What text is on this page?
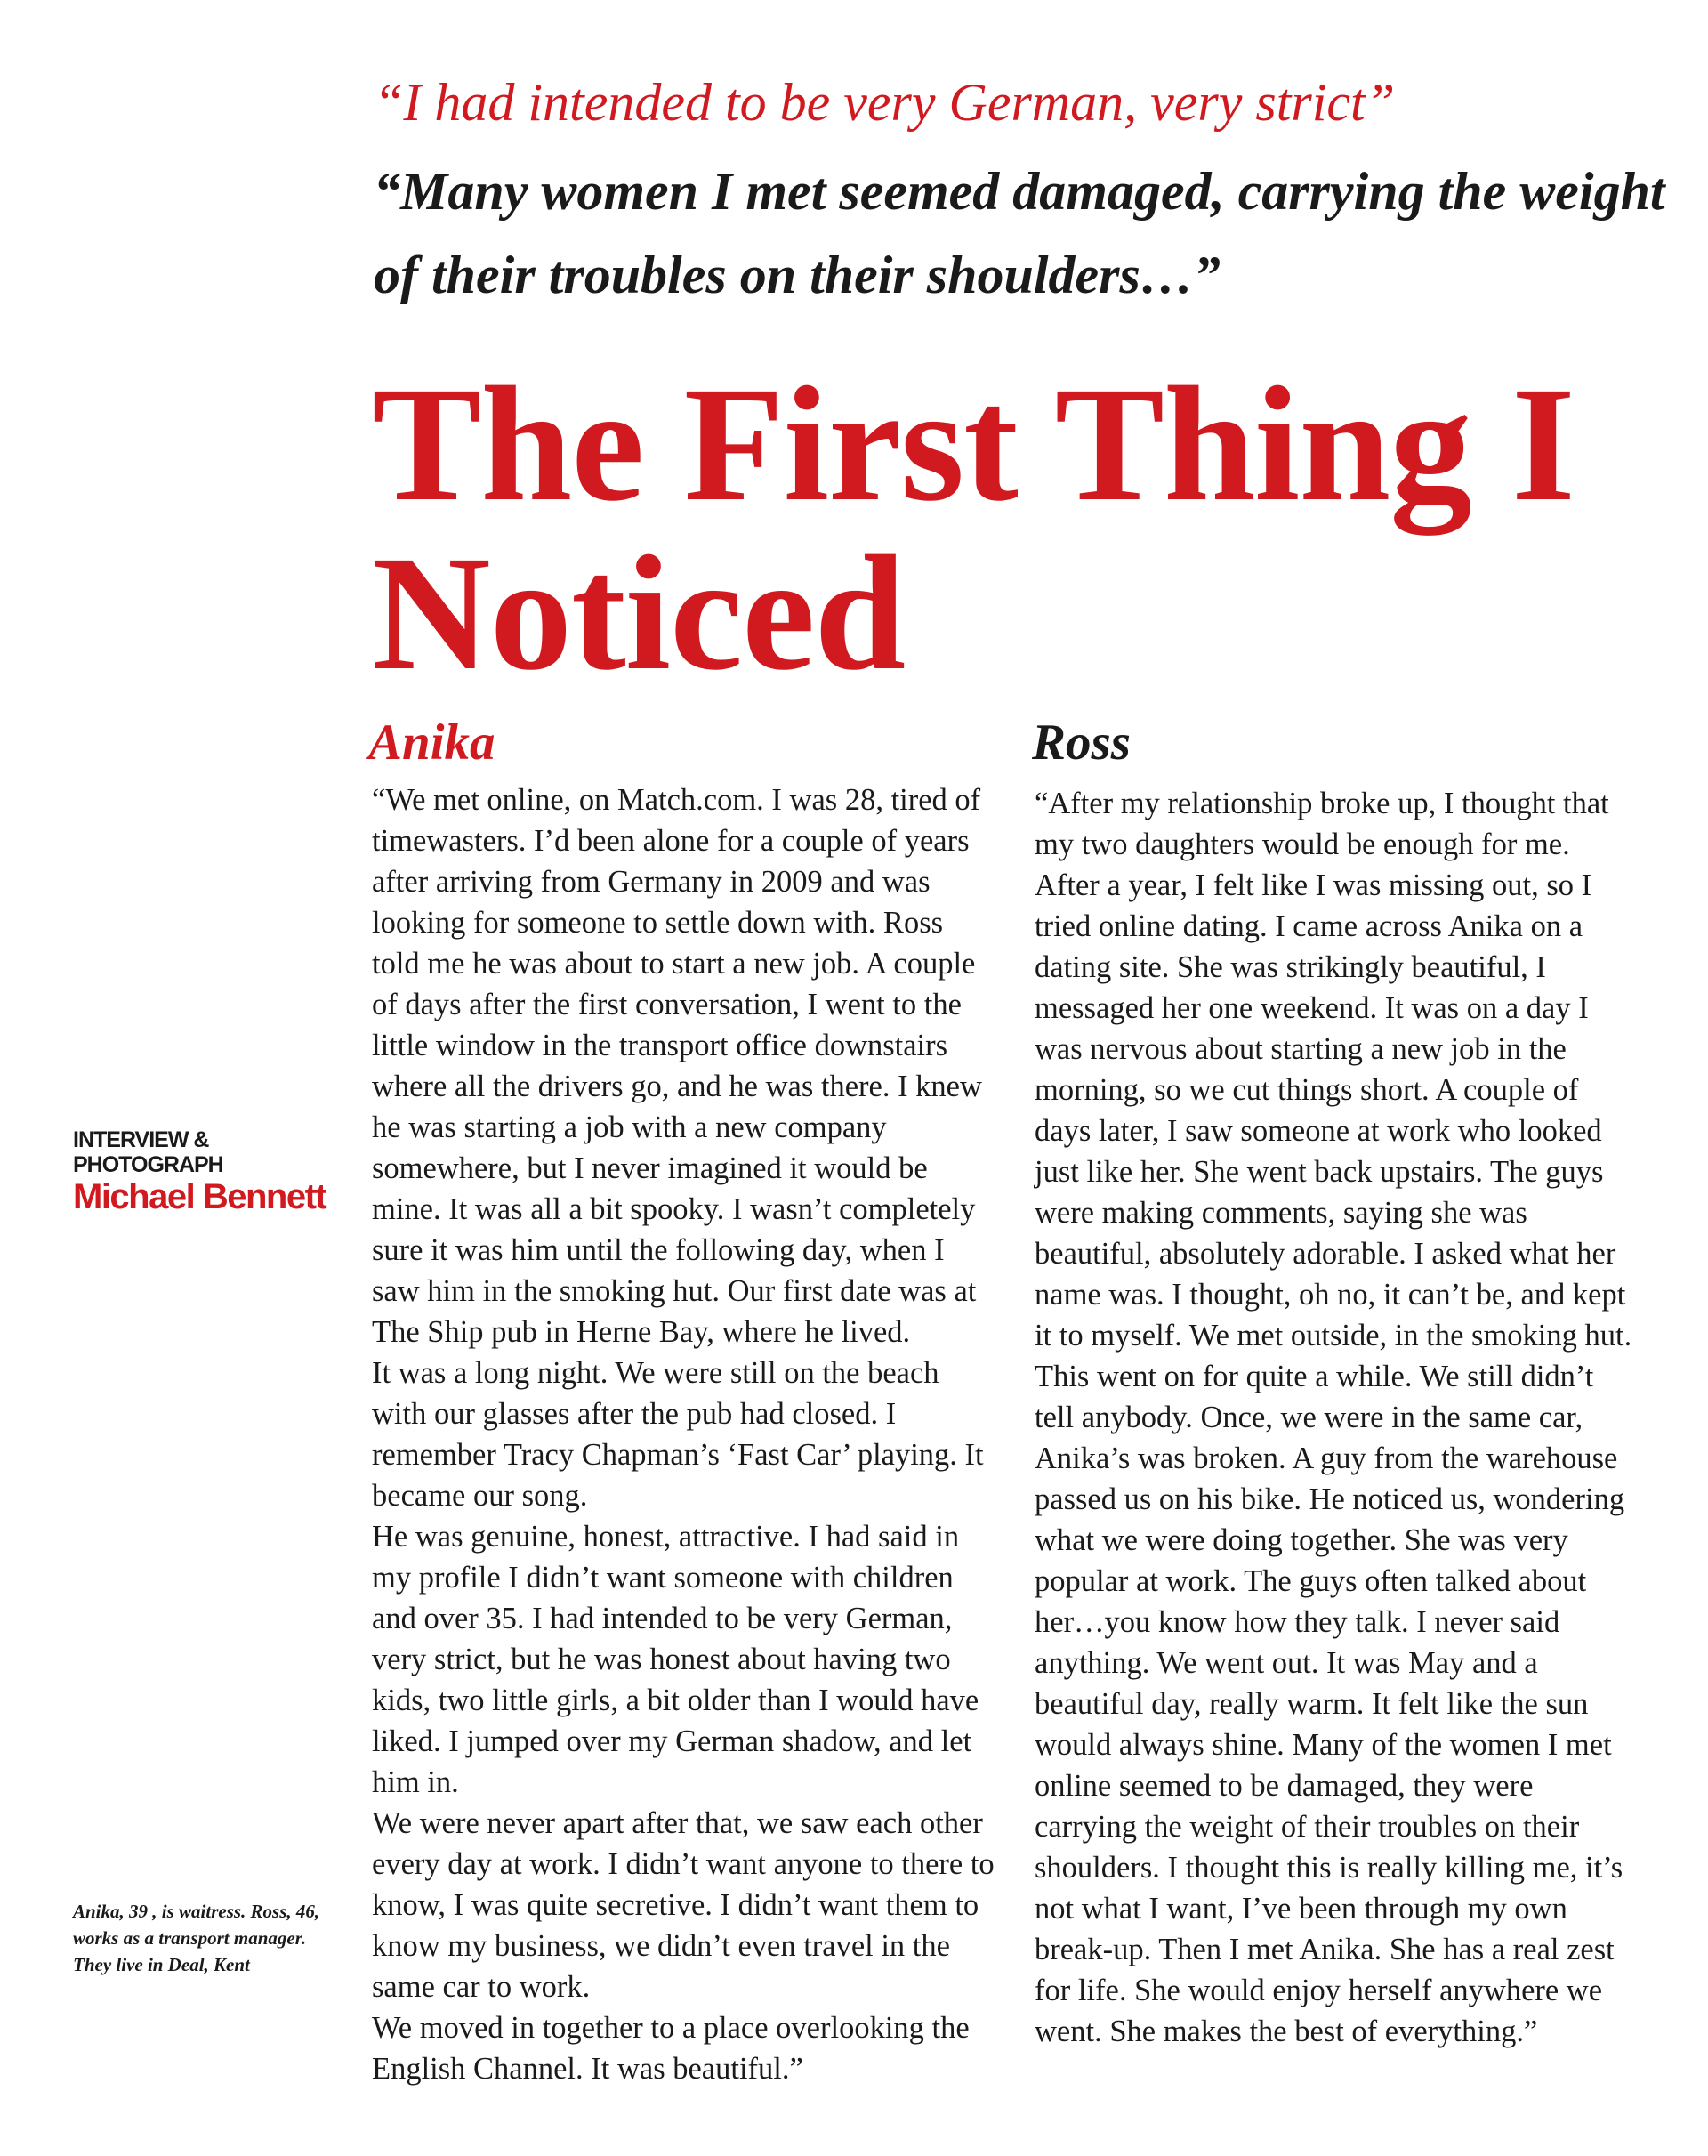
“I had intended to be very German, very strict”
“Many women I met seemed damaged, carrying the weight of their troubles on their shoulders…”
The First Thing I Noticed
Anika

“We met online, on Match.com. I was 28, tired of timewasters. I’d been alone for a couple of years after arriving from Germany in 2009 and was looking for someone to settle down with. Ross told me he was about to start a new job. A couple of days after the first conversation, I went to the little window in the transport office downstairs where all the drivers go, and he was there. I knew he was starting a job with a new company somewhere, but I never imagined it would be mine. It was all a bit spooky. I wasn’t completely sure it was him until the following day, when I saw him in the smoking hut. Our first date was at The Ship pub in Herne Bay, where he lived.
It was a long night. We were still on the beach with our glasses after the pub had closed. I remember Tracy Chapman’s ‘Fast Car’ playing. It became our song.
He was genuine, honest, attractive. I had said in my profile I didn’t want someone with children and over 35. I had intended to be very German, very strict, but he was honest about having two kids, two little girls, a bit older than I would have liked. I jumped over my German shadow, and let him in.
We were never apart after that, we saw each other every day at work. I didn’t want anyone to there to know, I was quite secretive. I didn’t want them to know my business, we didn’t even travel in the same car to work.
We moved in together to a place overlooking the English Channel. It was beautiful.”

Ross

“After my relationship broke up, I thought that my two daughters would be enough for me. After a year, I felt like I was missing out, so I tried online dating. I came across Anika on a dating site. She was strikingly beautiful, I messaged her one weekend. It was on a day I was nervous about starting a new job in the morning, so we cut things short. A couple of days later, I saw someone at work who looked just like her. She went back upstairs. The guys were making comments, saying she was beautiful, absolutely adorable. I asked what her name was. I thought, oh no, it can’t be, and kept it to myself. We met outside, in the smoking hut. This went on for quite a while. We still didn’t tell anybody. Once, we were in the same car, Anika’s was broken. A guy from the warehouse passed us on his bike. He noticed us, wondering what we were doing together. She was very popular at work. The guys often talked about her…you know how they talk. I never said anything. We went out. It was May and a beautiful day, really warm. It felt like the sun would always shine. Many of the women I met online seemed to be damaged, they were carrying the weight of their troubles on their shoulders. I thought this is really killing me, it’s not what I want, I’ve been through my own break-up. Then I met Anika. She has a real zest for life. She would enjoy herself anywhere we went. She makes the best of everything.”

INTERVIEW & PHOTOGRAPH
Michael Bennett

Anika, 39 , is waitress. Ross, 46, works as a transport manager. They live in Deal, Kent
